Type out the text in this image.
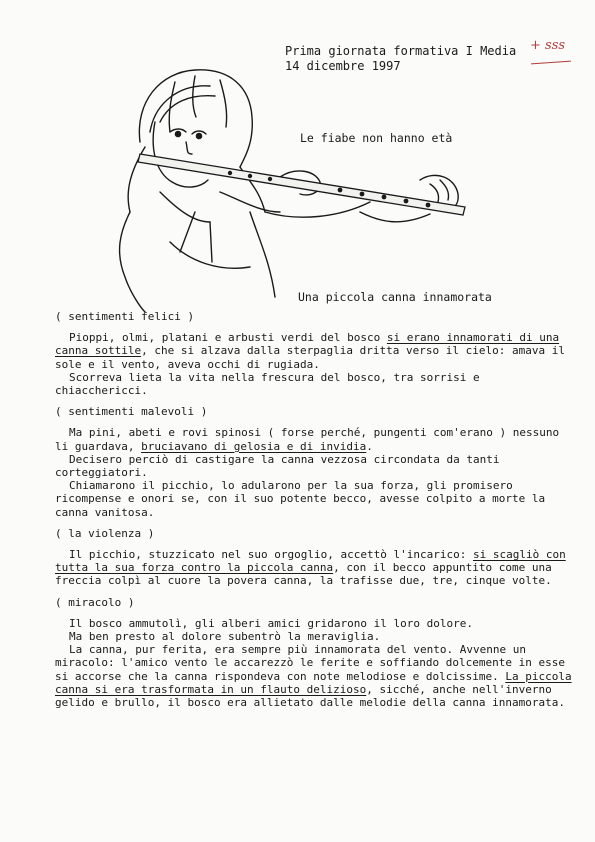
Prima giornata formativa I Media
14 dicembre 1997
+ sss
Le fiabe non hanno età
Una piccola canna innamorata
( sentimenti felici )

Pioppi, olmi, platani e arbusti verdi del bosco si erano innamorati di una canna sottile, che si alzava dalla sterpaglia dritta verso il cielo: amava il sole e il vento, aveva occhi di rugiada.

Scorreva lieta la vita nella frescura del bosco, tra sorrisi e chiacchericci.

( sentimenti malevoli )

Ma pini, abeti e rovi spinosi ( forse perché, pungenti com'erano ) nessuno li guardava, bruciavano di gelosia e di invidia.

Decisero perciò di castigare la canna vezzosa circondata da tanti corteggiatori.

Chiamarono il picchio, lo adularono per la sua forza, gli promisero ricompense e onori se, con il suo potente becco, avesse colpito a morte la canna vanitosa.

( la violenza )

Il picchio, stuzzicato nel suo orgoglio, accettò l'incarico: si scagliò con tutta la sua forza contro la piccola canna, con il becco appuntito come una freccia colpì al cuore la povera canna, la trafisse due, tre, cinque volte.

( miracolo )

Il bosco ammutolì, gli alberi amici gridarono il loro dolore.

Ma ben presto al dolore subentrò la meraviglia.

La canna, pur ferita, era sempre più innamorata del vento. Avvenne un miracolo: l'amico vento le accarezzò le ferite e soffiando dolcemente in esse si accorse che la canna rispondeva con note melodiose e dolcissime. La piccola canna si era trasformata in un flauto delizioso, sicché, anche nell'inverno gelido e brullo, il bosco era allietato dalle melodie della canna innamorata.
